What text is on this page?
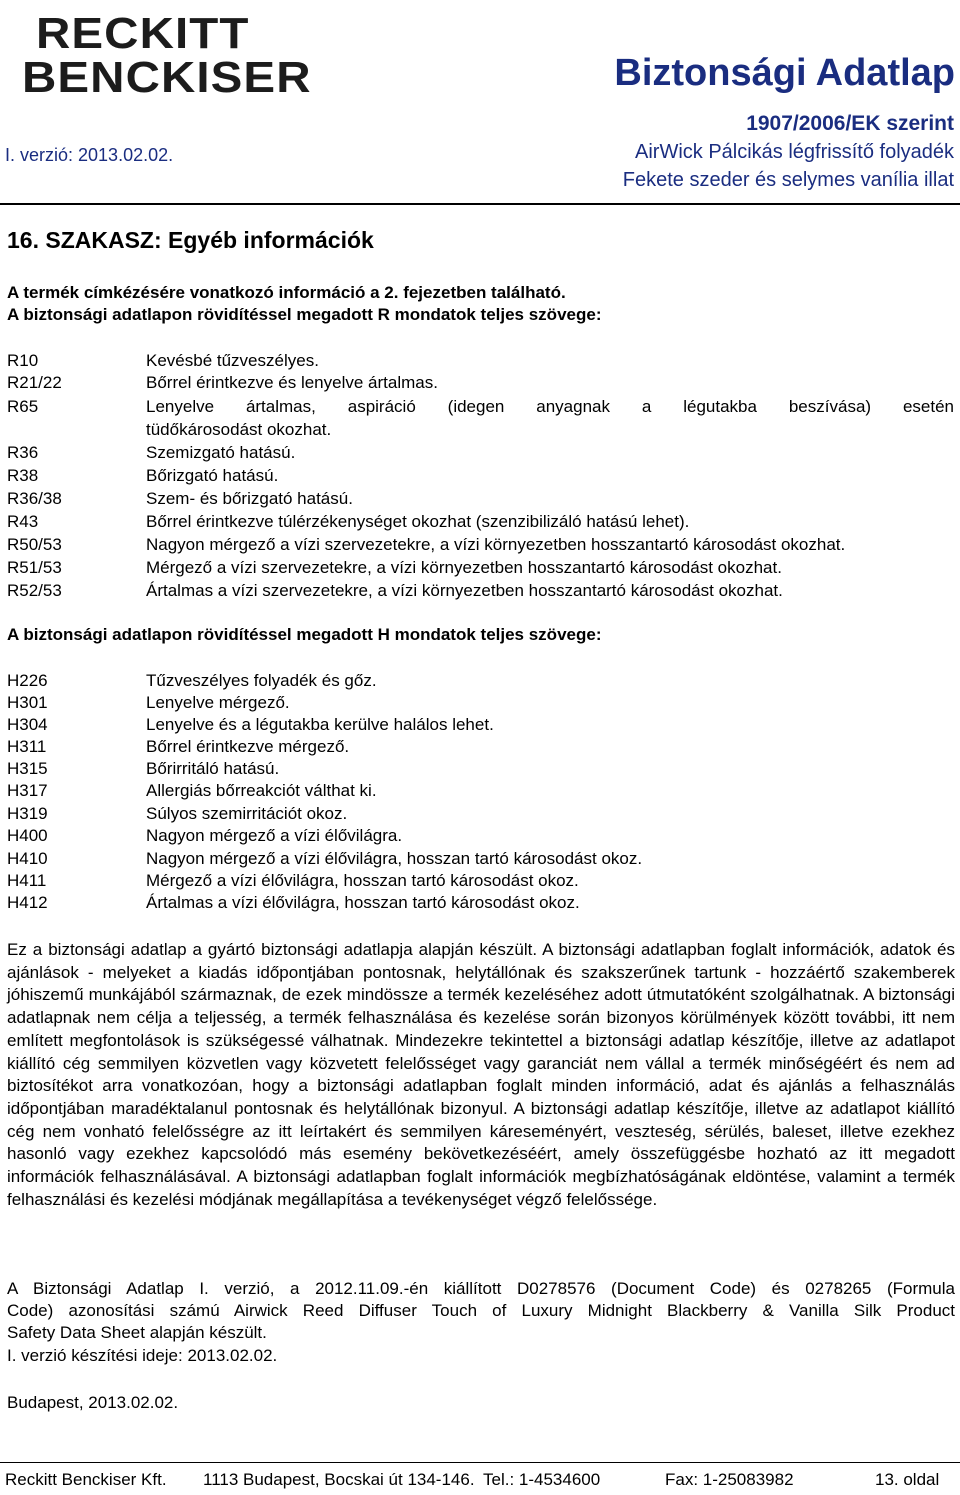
RECKITT
BENCKISER	Biztonsági Adatlap
1907/2006/EK szerint
I. verzió: 2013.02.02.	AirWick Pálcikás légfrissítő folyadék
Fekete szeder és selymes vanília illat
16. SZAKASZ: Egyéb információk
A termék címkézésére vonatkozó információ a 2. fejezetben található.
A biztonsági adatlapon rövidítéssel megadott R mondatok teljes szövege:
R10	Kevésbé tűzveszélyes.
R21/22	Bőrrel érintkezve és lenyelve ártalmas.
R65	Lenyelve ártalmas, aspiráció (idegen anyagnak a légutakba beszívása) esetén
tüdőkárosodást okozhat.
R36	Szemizgató hatású.
R38	Bőrizgató hatású.
R36/38	Szem- és bőrizgató hatású.
R43	Bőrrel érintkezve túlérzékenységet okozhat (szenzibilizáló hatású lehet).
R50/53	Nagyon mérgező a vízi szervezetekre, a vízi környezetben hosszantartó károsodást okozhat.
R51/53	Mérgező a vízi szervezetekre, a vízi környezetben hosszantartó károsodást okozhat.
R52/53	Ártalmas a vízi szervezetekre, a vízi környezetben hosszantartó károsodást okozhat.
A biztonsági adatlapon rövidítéssel megadott H mondatok teljes szövege:
H226	Tűzveszélyes folyadék és gőz.
H301	Lenyelve mérgező.
H304	Lenyelve és a légutakba kerülve halálos lehet.
H311	Bőrrel érintkezve mérgező.
H315	Bőrirritáló hatású.
H317	Allergiás bőrreakciót válthat ki.
H319	Súlyos szemirritációt okoz.
H400	Nagyon mérgező a vízi élővilágra.
H410	Nagyon mérgező a vízi élővilágra, hosszan tartó károsodást okoz.
H411	Mérgező a vízi élővilágra, hosszan tartó károsodást okoz.
H412	Ártalmas a vízi élővilágra, hosszan tartó károsodást okoz.
Ez a biztonsági adatlap a gyártó biztonsági adatlapja alapján készült. A biztonsági adatlapban foglalt információk, adatok és ajánlások - melyeket a kiadás időpontjában pontosnak, helytállónak és szakszerűnek tartunk - hozzáértő szakemberek jóhiszemű munkájából származnak, de ezek mindössze a termék kezeléséhez adott útmutatóként szolgálhatnak. A biztonsági adatlapnak nem célja a teljesség, a termék felhasználása és kezelése során bizonyos körülmények között további, itt nem említett megfontolások is szükségessé válhatnak. Mindezekre tekintettel a biztonsági adatlap készítője, illetve az adatlapot kiállító cég semmilyen közvetlen vagy közvetett felelősséget vagy garanciát nem vállal a termék minőségéért és nem ad biztosítékot arra vonatkozóan, hogy a biztonsági adatlapban foglalt minden információ, adat és ajánlás a felhasználás időpontjában maradéktalanul pontosnak és helytállónak bizonyul. A biztonsági adatlap készítője, illetve az adatlapot kiállító cég nem vonható felelősségre az itt leírtakért és semmilyen káreseményért, veszteség, sérülés, baleset, illetve ezekhez hasonló vagy ezekhez kapcsolódó más esemény bekövetkezéséért, amely összefüggésbe hozható az itt megadott információk felhasználásával. A biztonsági adatlapban foglalt információk megbízhatóságának eldöntése, valamint a termék felhasználási és kezelési módjának megállapítása a tevékenységet végző felelőssége.
A Biztonsági Adatlap I. verzió, a 2012.11.09.-én kiállított D0278576 (Document Code) és 0278265 (Formula
Code) azonosítási számú Airwick Reed Diffuser Touch of Luxury Midnight Blackberry & Vanilla Silk Product
Safety Data Sheet alapján készült.
I. verzió készítési ideje: 2013.02.02.
Budapest, 2013.02.02.
Reckitt Benckiser Kft. 1113 Budapest, Bocskai út 134-146. Tel.: 1-4534600	Fax: 1-25083982	13. oldal
